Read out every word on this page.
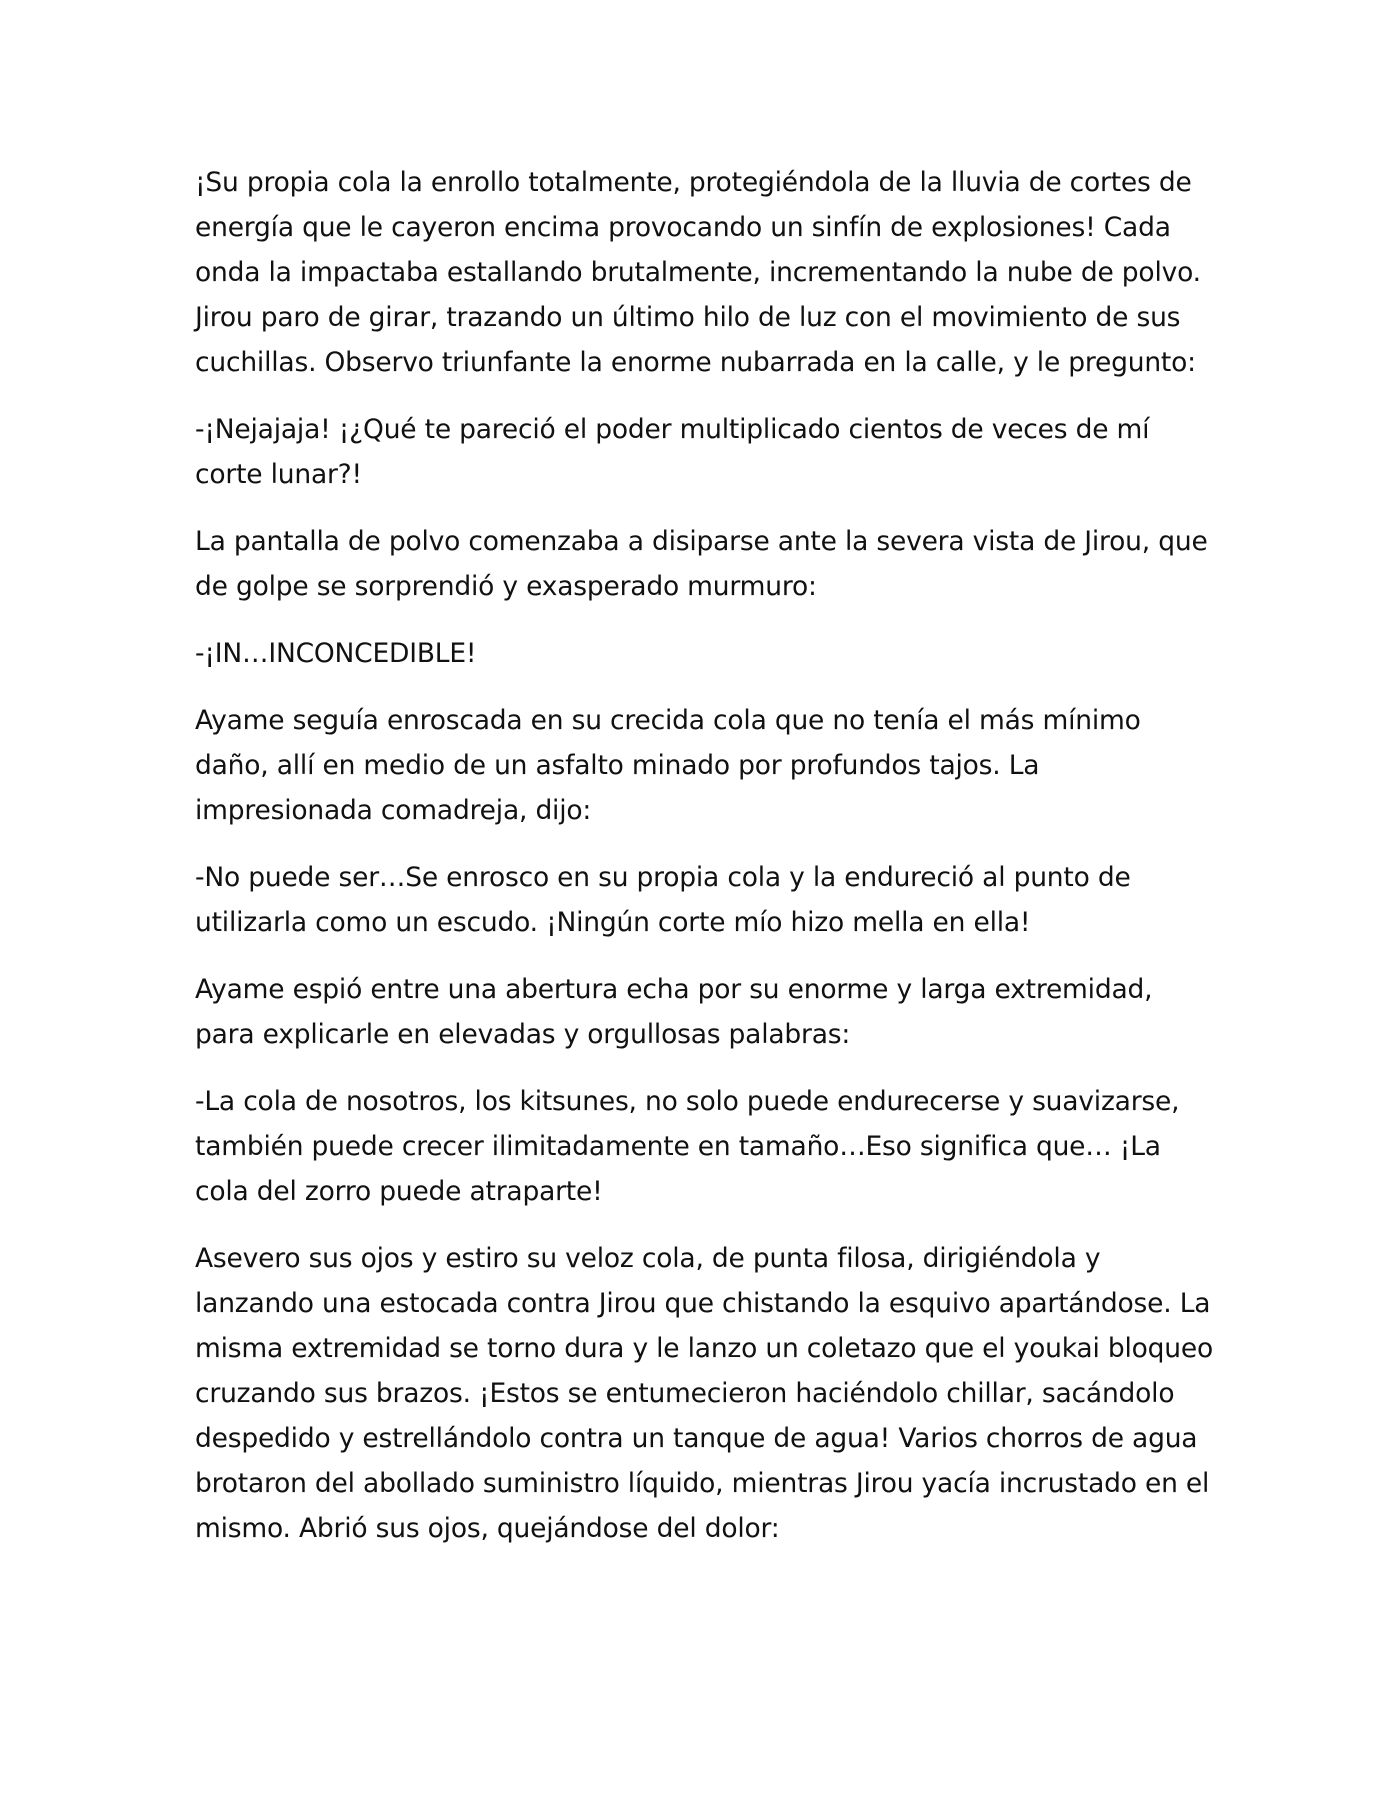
¡Su propia cola la enrollo totalmente, protegiéndola de la lluvia de cortes de energía que le cayeron encima provocando un sinfín de explosiones! Cada onda la impactaba estallando brutalmente, incrementando la nube de polvo. Jirou paro de girar, trazando un último hilo de luz con el movimiento de sus cuchillas. Observo triunfante la enorme nubarrada en la calle, y le pregunto:

-¡Nejajaja! ¡¿Qué te pareció el poder multiplicado cientos de veces de mí corte lunar?!

La pantalla de polvo comenzaba a disiparse ante la severa vista de Jirou, que de golpe se sorprendió y exasperado murmuro:

-¡IN…INCONCEDIBLE!

Ayame seguía enroscada en su crecida cola que no tenía el más mínimo daño, allí en medio de un asfalto minado por profundos tajos. La impresionada comadreja, dijo:

-No puede ser…Se enrosco en su propia cola y la endureció al punto de utilizarla como un escudo. ¡Ningún corte mío hizo mella en ella!

Ayame espió entre una abertura echa por su enorme y larga extremidad, para explicarle en elevadas y orgullosas palabras:

-La cola de nosotros, los kitsunes, no solo puede endurecerse y suavizarse, también puede crecer ilimitadamente en tamaño…Eso significa que… ¡La cola del zorro puede atraparte!

Asevero sus ojos y estiro su veloz cola, de punta filosa, dirigiéndola y lanzando una estocada contra Jirou que chistando la esquivo apartándose. La misma extremidad se torno dura y le lanzo un coletazo que el youkai bloqueo cruzando sus brazos. ¡Estos se entumecieron haciéndolo chillar, sacándolo despedido y estrellándolo contra un tanque de agua! Varios chorros de agua brotaron del abollado suministro líquido, mientras Jirou yacía incrustado en el mismo. Abrió sus ojos, quejándose del dolor:
